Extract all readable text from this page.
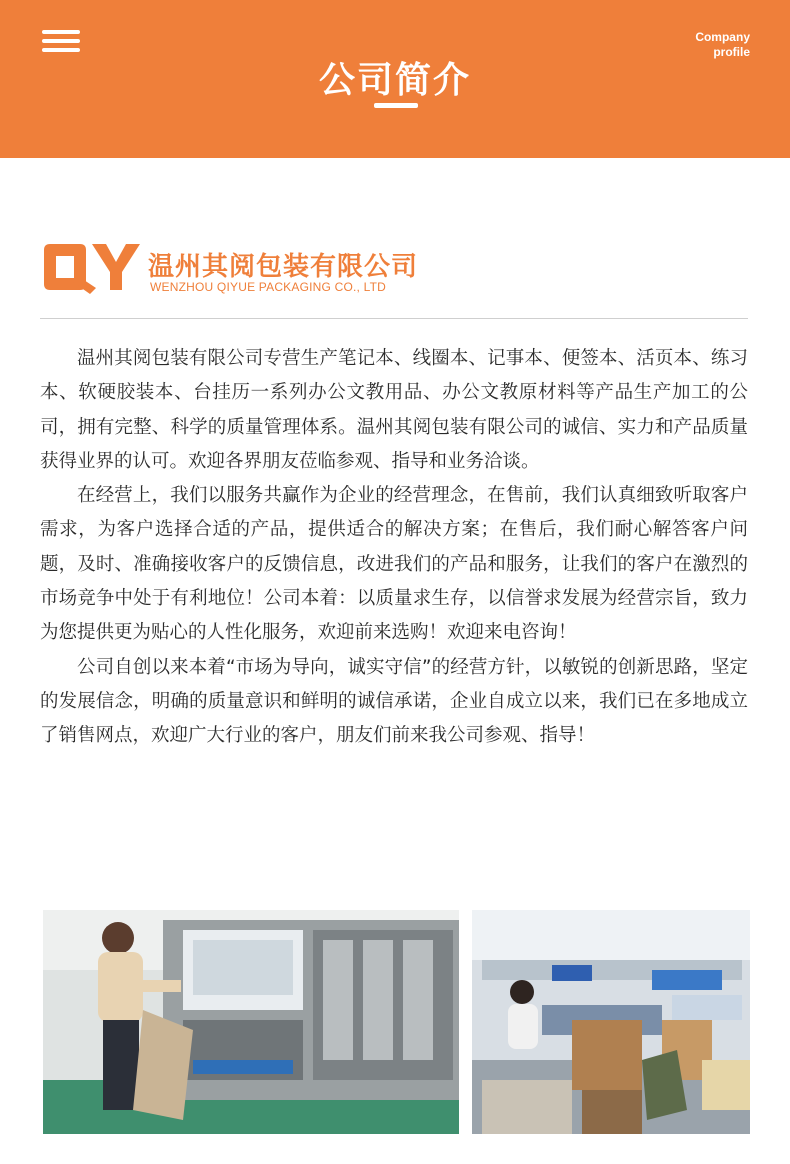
公司简介
Company
profile
温州其阅包装有限公司
WENZHOU QIYUE PACKAGING CO., LTD

温州其阅包装有限公司专营生产笔记本、线圈本、记事本、便签本、活页本、练习本、软硬胶装本、台挂历一系列办公文教用品、办公文教原材料等产品生产加工的公司，拥有完整、科学的质量管理体系。温州其阅包装有限公司的诚信、实力和产品质量获得业界的认可。欢迎各界朋友莅临参观、指导和业务洽谈。

在经营上，我们以服务共赢作为企业的经营理念，在售前，我们认真细致听取客户需求，为客户选择合适的产品，提供适合的解决方案；在售后，我们耐心解答客户问题，及时、准确接收客户的反馈信息，改进我们的产品和服务，让我们的客户在激烈的市场竞争中处于有利地位！公司本着：以质量求生存，以信誉求发展为经营宗旨，致力为您提供更为贴心的人性化服务，欢迎前来选购！欢迎来电咨询！

公司自创以来本着“市场为导向，诚实守信”的经营方针，以敏锐的创新思路，坚定的发展信念，明确的质量意识和鲜明的诚信承诺，企业自成立以来，我们已在多地成立了销售网点，欢迎广大行业的客户，朋友们前来我公司参观、指导！
